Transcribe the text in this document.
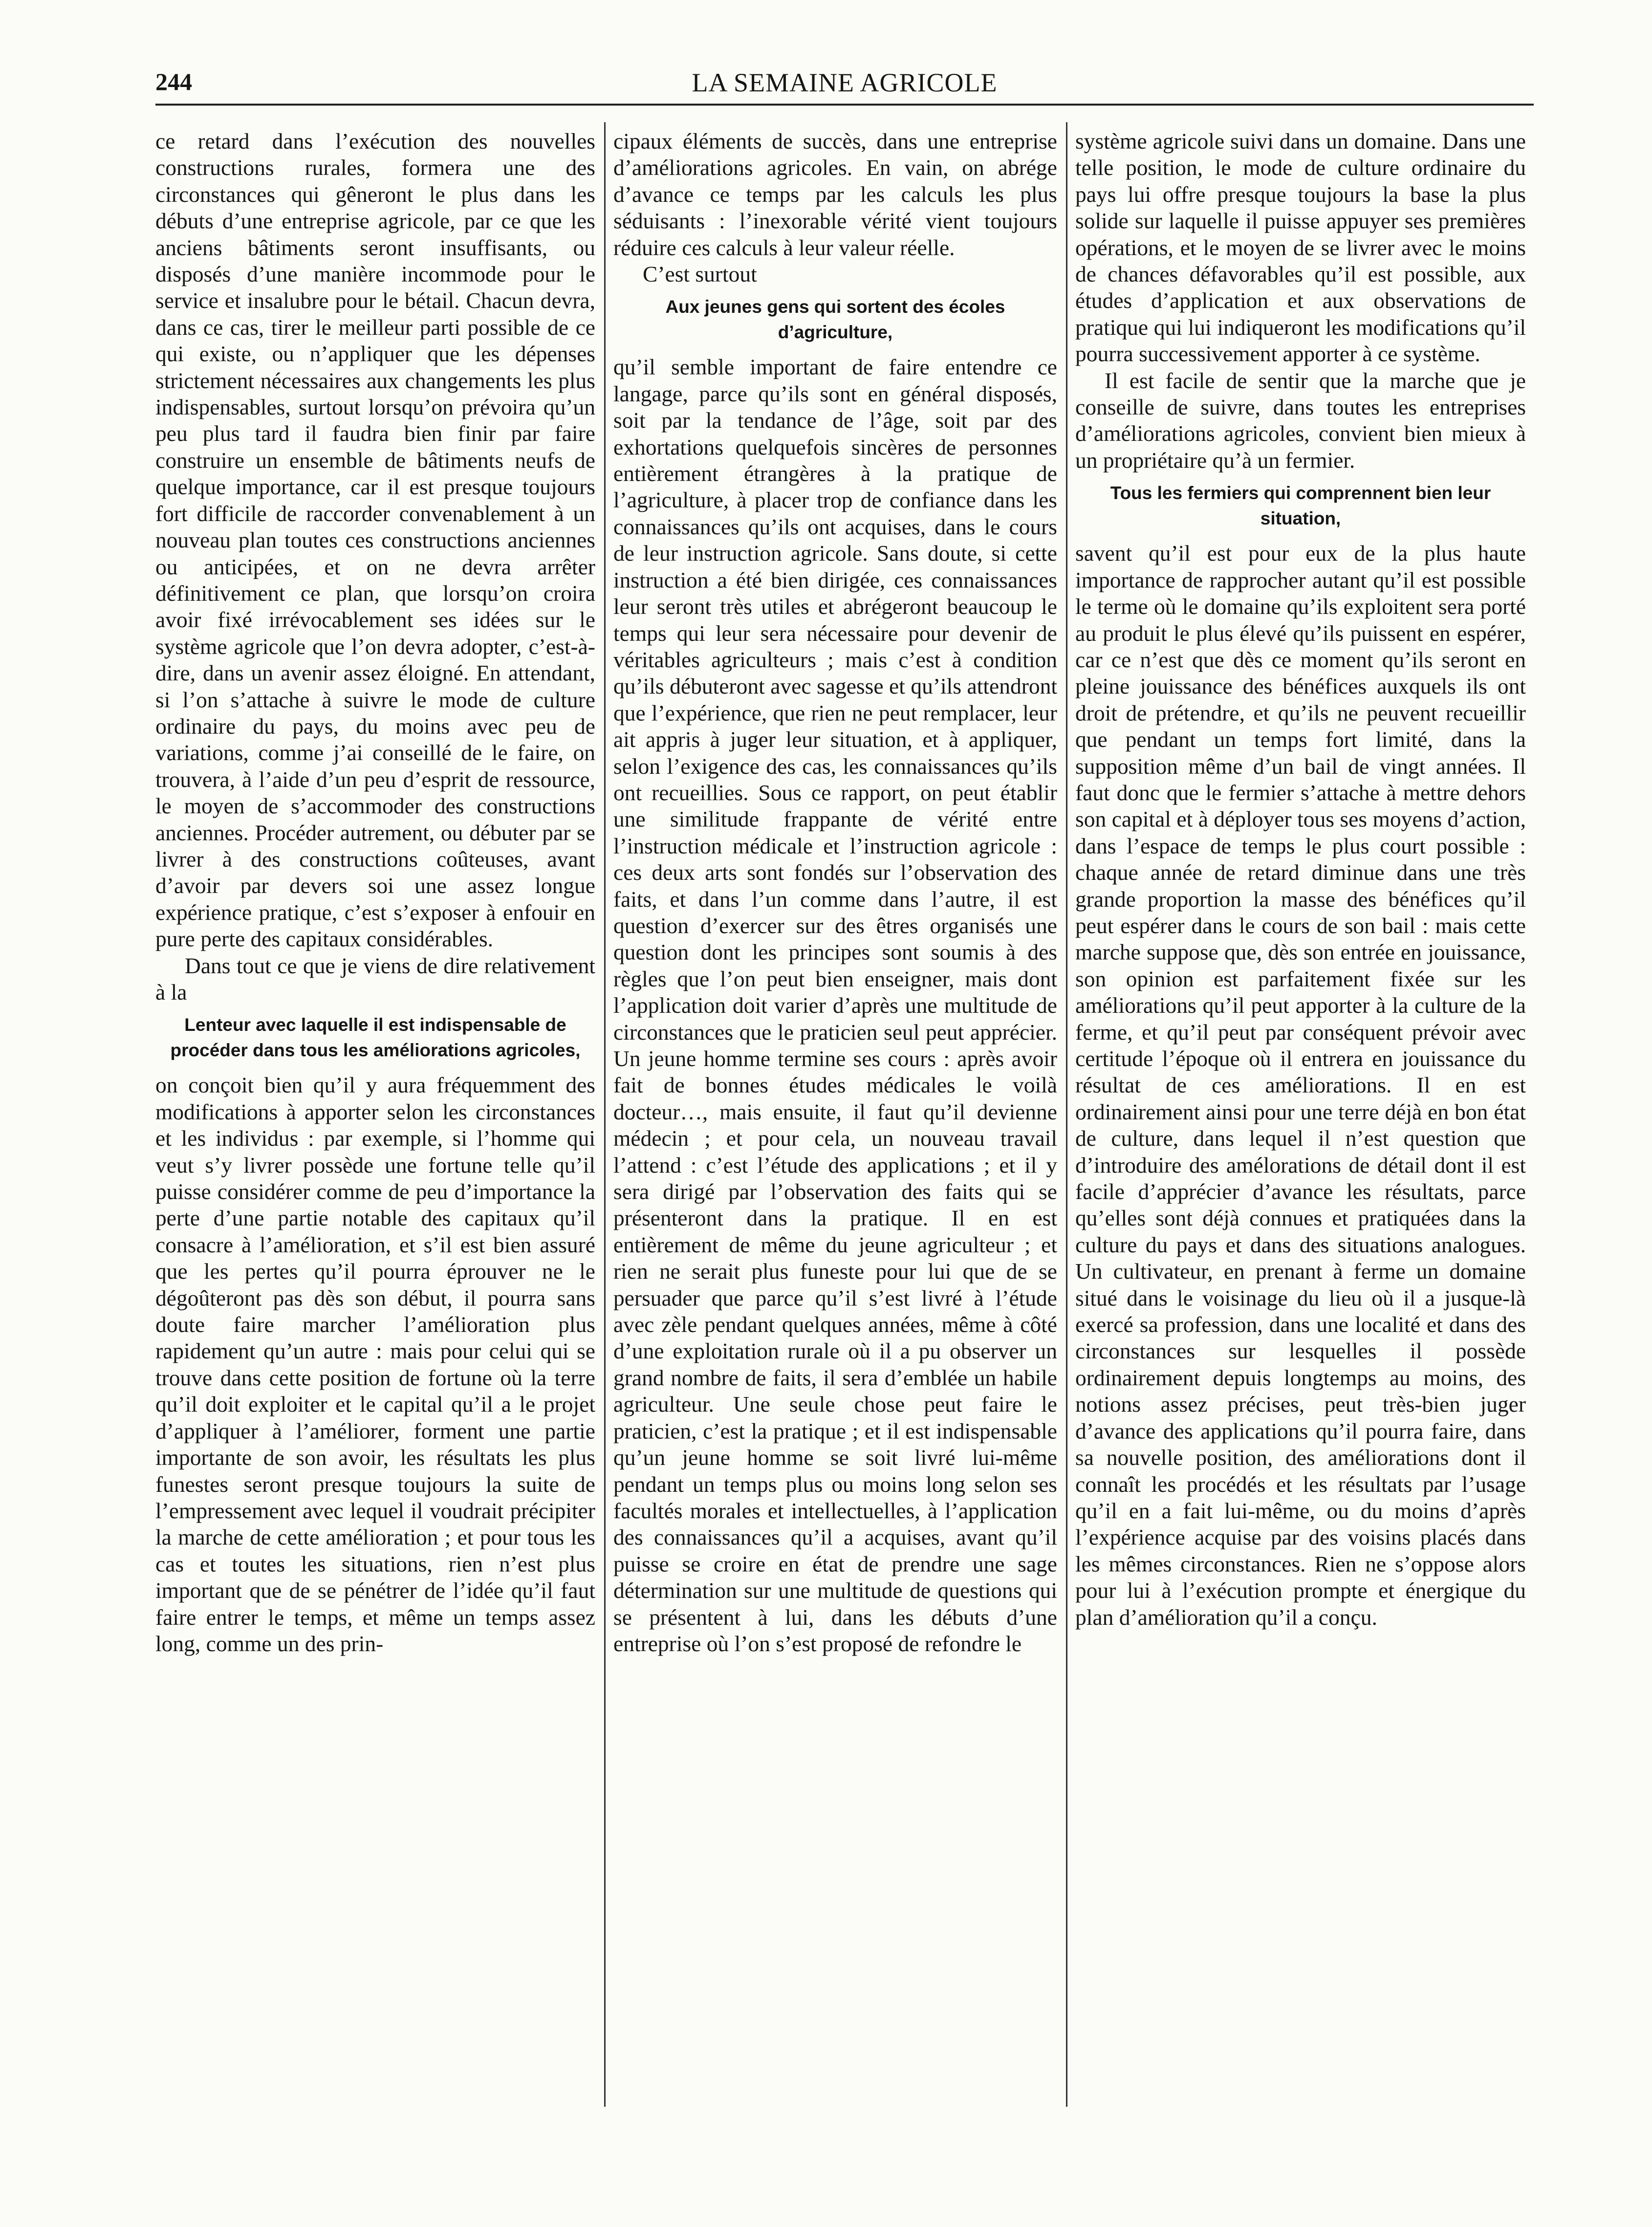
244	LA SEMAINE AGRICOLE

ce retard dans l’exécution des nouvelles constructions rurales, formera une des circonstances qui gêneront le plus dans les débuts d’une entreprise agricole, par ce que les anciens bâtiments seront insuffisants, ou disposés d’une manière incommode pour le service et insalubre pour le bétail. Chacun devra, dans ce cas, tirer le meilleur parti possible de ce qui existe, ou n’appliquer que les dépenses strictement nécessaires aux changements les plus indispensables, surtout lorsqu’on prévoira qu’un peu plus tard il faudra bien finir par faire construire un ensemble de bâtiments neufs de quelque importance, car il est presque toujours fort difficile de raccorder convenablement à un nouveau plan toutes ces constructions anciennes ou anticipées, et on ne devra arrêter définitivement ce plan, que lorsqu’on croira avoir fixé irrévocablement ses idées sur le système agricole que l’on devra adopter, c’est-à-dire, dans un avenir assez éloigné. En attendant, si l’on s’attache à suivre le mode de culture ordinaire du pays, du moins avec peu de variations, comme j’ai conseillé de le faire, on trouvera, à l’aide d’un peu d’esprit de ressource, le moyen de s’accommoder des constructions anciennes. Procéder autrement, ou débuter par se livrer à des constructions coûteuses, avant d’avoir par devers soi une assez longue expérience pratique, c’est s’exposer à enfouir en pure perte des capitaux considérables.

Dans tout ce que je viens de dire relativement à la

Lenteur avec laquelle il est indispensable de procéder dans tous les améliorations agricoles,

on conçoit bien qu’il y aura fréquemment des modifications à apporter selon les circonstances et les individus : par exemple, si l’homme qui veut s’y livrer possède une fortune telle qu’il puisse considérer comme de peu d’importance la perte d’une partie notable des capitaux qu’il consacre à l’amélioration, et s’il est bien assuré que les pertes qu’il pourra éprouver ne le dégoûteront pas dès son début, il pourra sans doute faire marcher l’amélioration plus rapidement qu’un autre : mais pour celui qui se trouve dans cette position de fortune où la terre qu’il doit exploiter et le capital qu’il a le projet d’appliquer à l’améliorer, forment une partie importante de son avoir, les résultats les plus funestes seront presque toujours la suite de l’empressement avec lequel il voudrait précipiter la marche de cette amélioration ; et pour tous les cas et toutes les situations, rien n’est plus important que de se pénétrer de l’idée qu’il faut faire entrer le temps, et même un temps assez long, comme un des prin-

cipaux éléments de succès, dans une entreprise d’améliorations agricoles. En vain, on abrége d’avance ce temps par les calculs les plus séduisants : l’inexorable vérité vient toujours réduire ces calculs à leur valeur réelle.

C’est surtout

Aux jeunes gens qui sortent des écoles d’agriculture,

qu’il semble important de faire entendre ce langage, parce qu’ils sont en général disposés, soit par la tendance de l’âge, soit par des exhortations quelquefois sincères de personnes entièrement étrangères à la pratique de l’agriculture, à placer trop de confiance dans les connaissances qu’ils ont acquises, dans le cours de leur instruction agricole. Sans doute, si cette instruction a été bien dirigée, ces connaissances leur seront très utiles et abrégeront beaucoup le temps qui leur sera nécessaire pour devenir de véritables agriculteurs ; mais c’est à condition qu’ils débuteront avec sagesse et qu’ils attendront que l’expérience, que rien ne peut remplacer, leur ait appris à juger leur situation, et à appliquer, selon l’exigence des cas, les connaissances qu’ils ont recueillies. Sous ce rapport, on peut établir une similitude frappante de vérité entre l’instruction médicale et l’instruction agricole : ces deux arts sont fondés sur l’observation des faits, et dans l’un comme dans l’autre, il est question d’exercer sur des êtres organisés une question dont les principes sont soumis à des règles que l’on peut bien enseigner, mais dont l’application doit varier d’après une multitude de circonstances que le praticien seul peut apprécier. Un jeune homme termine ses cours : après avoir fait de bonnes études médicales le voilà docteur…, mais ensuite, il faut qu’il devienne médecin ; et pour cela, un nouveau travail l’attend : c’est l’étude des applications ; et il y sera dirigé par l’observation des faits qui se présenteront dans la pratique. Il en est entièrement de même du jeune agriculteur ; et rien ne serait plus funeste pour lui que de se persuader que parce qu’il s’est livré à l’étude avec zèle pendant quelques années, même à côté d’une exploitation rurale où il a pu observer un grand nombre de faits, il sera d’emblée un habile agriculteur. Une seule chose peut faire le praticien, c’est la pratique ; et il est indispensable qu’un jeune homme se soit livré lui-même pendant un temps plus ou moins long selon ses facultés morales et intellectuelles, à l’application des connaissances qu’il a acquises, avant qu’il puisse se croire en état de prendre une sage détermination sur une multitude de questions qui se présentent à lui, dans les débuts d’une entreprise où l’on s’est proposé de refondre le

système agricole suivi dans un domaine. Dans une telle position, le mode de culture ordinaire du pays lui offre presque toujours la base la plus solide sur laquelle il puisse appuyer ses premières opérations, et le moyen de se livrer avec le moins de chances défavorables qu’il est possible, aux études d’application et aux observations de pratique qui lui indiqueront les modifications qu’il pourra successivement apporter à ce système.

Il est facile de sentir que la marche que je conseille de suivre, dans toutes les entreprises d’améliorations agricoles, convient bien mieux à un propriétaire qu’à un fermier.

Tous les fermiers qui comprennent bien leur situation,

savent qu’il est pour eux de la plus haute importance de rapprocher autant qu’il est possible le terme où le domaine qu’ils exploitent sera porté au produit le plus élevé qu’ils puissent en espérer, car ce n’est que dès ce moment qu’ils seront en pleine jouissance des bénéfices auxquels ils ont droit de prétendre, et qu’ils ne peuvent recueillir que pendant un temps fort limité, dans la supposition même d’un bail de vingt années. Il faut donc que le fermier s’attache à mettre dehors son capital et à déployer tous ses moyens d’action, dans l’espace de temps le plus court possible : chaque année de retard diminue dans une très grande proportion la masse des bénéfices qu’il peut espérer dans le cours de son bail : mais cette marche suppose que, dès son entrée en jouissance, son opinion est parfaitement fixée sur les améliorations qu’il peut apporter à la culture de la ferme, et qu’il peut par conséquent prévoir avec certitude l’époque où il entrera en jouissance du résultat de ces améliorations. Il en est ordinairement ainsi pour une terre déjà en bon état de culture, dans lequel il n’est question que d’introduire des amélorations de détail dont il est facile d’apprécier d’avance les résultats, parce qu’elles sont déjà connues et pratiquées dans la culture du pays et dans des situations analogues. Un cultivateur, en prenant à ferme un domaine situé dans le voisinage du lieu où il a jusque-là exercé sa profession, dans une localité et dans des circonstances sur lesquelles il possède ordinairement depuis longtemps au moins, des notions assez précises, peut très-bien juger d’avance des applications qu’il pourra faire, dans sa nouvelle position, des améliorations dont il connaît les procédés et les résultats par l’usage qu’il en a fait lui-même, ou du moins d’après l’expérience acquise par des voisins placés dans les mêmes circonstances. Rien ne s’oppose alors pour lui à l’exécution prompte et énergique du plan d’amélioration qu’il a conçu.
